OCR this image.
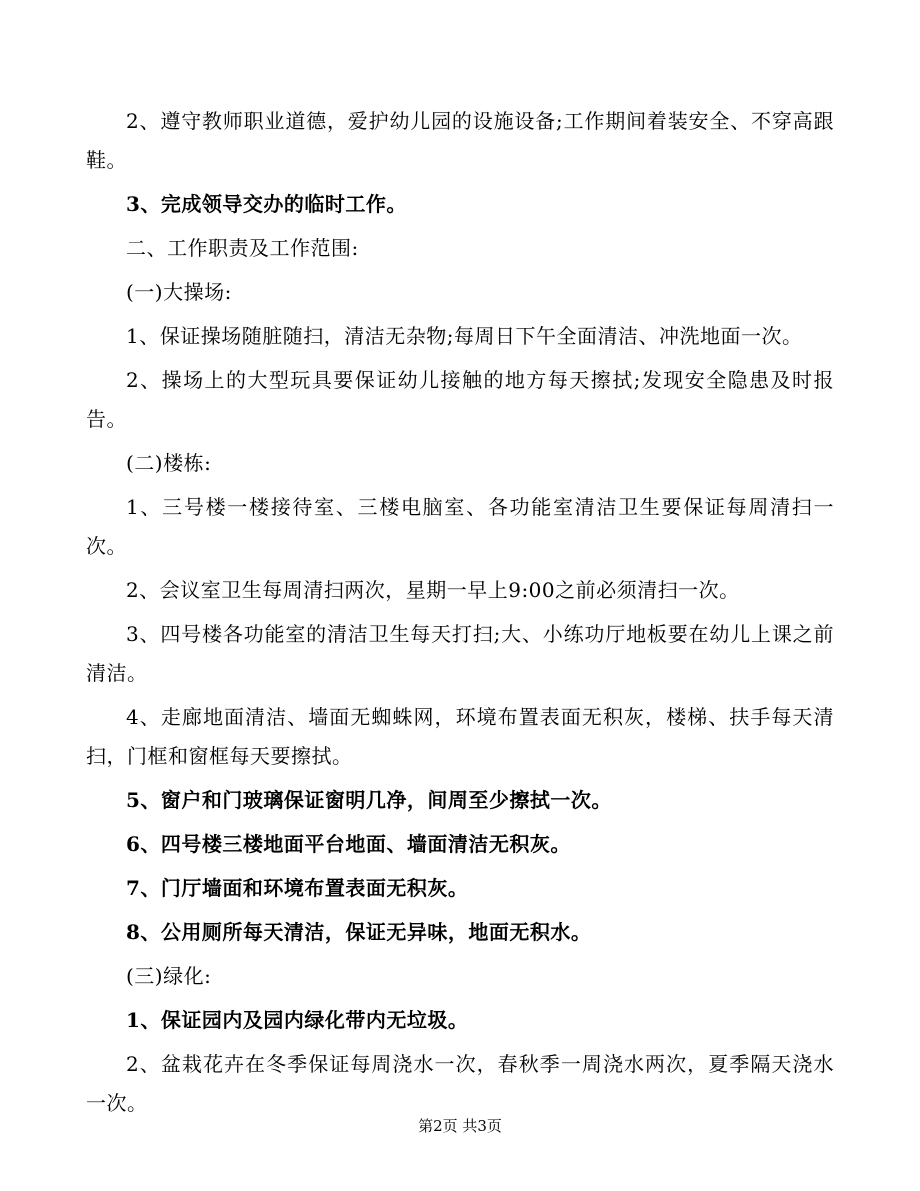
2、遵守教师职业道德，爱护幼儿园的设施设备;工作期间着装安全、不穿高跟鞋。

3、完成领导交办的临时工作。

二、工作职责及工作范围:

(一)大操场:

1、保证操场随脏随扫，清洁无杂物;每周日下午全面清洁、冲洗地面一次。

2、操场上的大型玩具要保证幼儿接触的地方每天擦拭;发现安全隐患及时报告。

(二)楼栋:

1、三号楼一楼接待室、三楼电脑室、各功能室清洁卫生要保证每周清扫一次。

2、会议室卫生每周清扫两次，星期一早上9:00之前必须清扫一次。

3、四号楼各功能室的清洁卫生每天打扫;大、小练功厅地板要在幼儿上课之前清洁。

4、走廊地面清洁、墙面无蜘蛛网，环境布置表面无积灰，楼梯、扶手每天清扫，门框和窗框每天要擦拭。

5、窗户和门玻璃保证窗明几净，间周至少擦拭一次。

6、四号楼三楼地面平台地面、墙面清洁无积灰。

7、门厅墙面和环境布置表面无积灰。

8、公用厕所每天清洁，保证无异味，地面无积水。

(三)绿化:

1、保证园内及园内绿化带内无垃圾。

2、盆栽花卉在冬季保证每周浇水一次，春秋季一周浇水两次，夏季隔天浇水一次。

第2页 共3页
